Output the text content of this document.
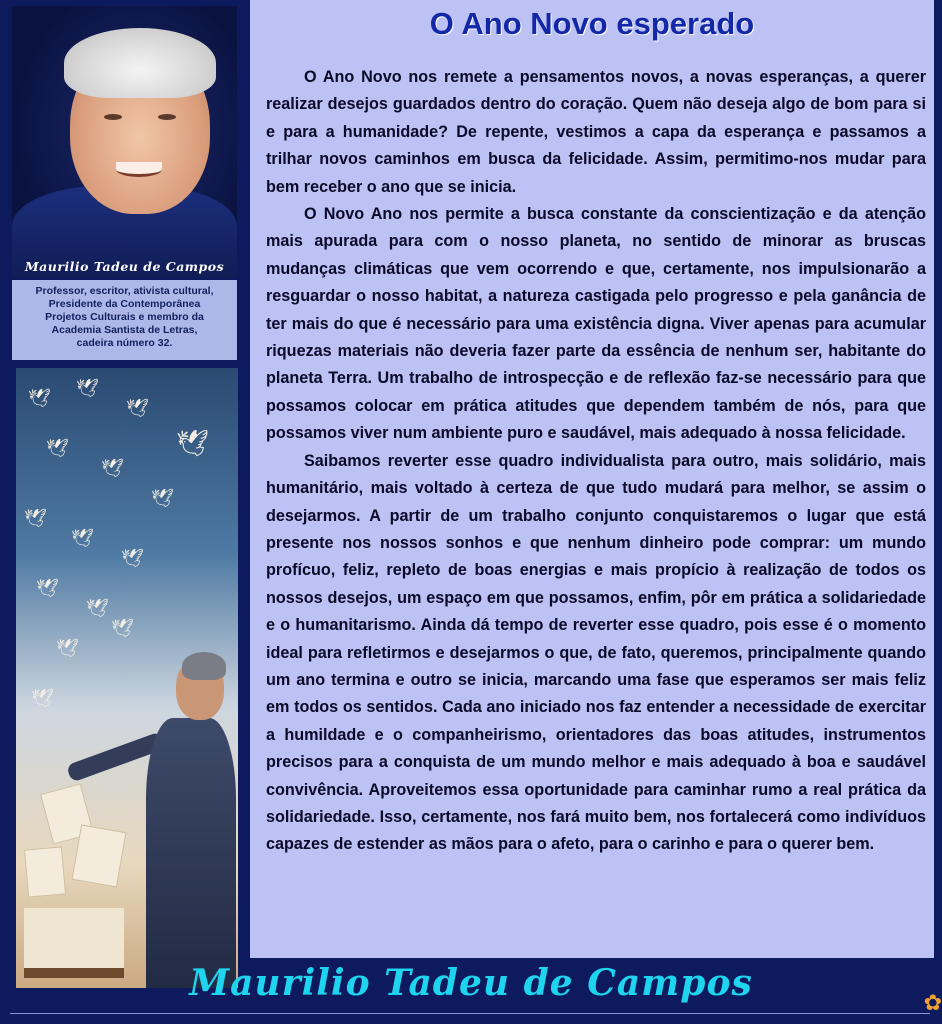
Maurilio Tadeu de Campos
Professor, escritor, ativista cultural,
Presidente da Contemporânea
Projetos Culturais e membro da
Academia Santista de Letras,
cadeira número 32.
🕊 🕊
🕊
🕊
🕊
🕊
🕊
🕊
🕊
🕊
🕊
🕊
🕊
🕊
🕊
O Ano Novo esperado

O Ano Novo nos remete a pensamentos novos, a novas esperanças, a querer realizar desejos guardados dentro do coração. Quem não deseja algo de bom para si e para a humanidade? De repente, vestimos a capa da esperança e passamos a trilhar novos caminhos em busca da felicidade. Assim, permitimo-nos mudar para bem receber o ano que se inicia.

O Novo Ano nos permite a busca constante da conscientização e da atenção mais apurada para com o nosso planeta, no sentido de minorar as bruscas mudanças climáticas que vem ocorrendo e que, certamente, nos impulsionarão a resguardar o nosso habitat, a natureza castigada pelo progresso e pela ganância de ter mais do que é necessário para uma existência digna. Viver apenas para acumular riquezas materiais não deveria fazer parte da essência de nenhum ser, habitante do planeta Terra. Um trabalho de introspecção e de reflexão faz-se necessário para que possamos colocar em prática atitudes que dependem também de nós, para que possamos viver num ambiente puro e saudável, mais adequado à nossa felicidade.

Saibamos reverter esse quadro individualista para outro, mais solidário, mais humanitário, mais voltado à certeza de que tudo mudará para melhor, se assim o desejarmos. A partir de um trabalho conjunto conquistaremos o lugar que está presente nos nossos sonhos e que nenhum dinheiro pode comprar: um mundo profícuo, feliz, repleto de boas energias e mais propício à realização de todos os nossos desejos, um espaço em que possamos, enfim, pôr em prática a solidariedade e o humanitarismo. Ainda dá tempo de reverter esse quadro, pois esse é o momento ideal para refletirmos e desejarmos o que, de fato, queremos, principalmente quando um ano termina e outro se inicia, marcando uma fase que esperamos ser mais feliz em todos os sentidos. Cada ano iniciado nos faz entender a necessidade de exercitar a humildade e o companheirismo, orientadores das boas atitudes, instrumentos precisos para a conquista de um mundo melhor e mais adequado à boa e saudável convivência. Aproveitemos essa oportunidade para caminhar rumo a real prática da solidariedade. Isso, certamente, nos fará muito bem, nos fortalecerá como indivíduos capazes de estender as mãos para o afeto, para o carinho e para o querer bem.

Maurilio Tadeu de Campos	✿
